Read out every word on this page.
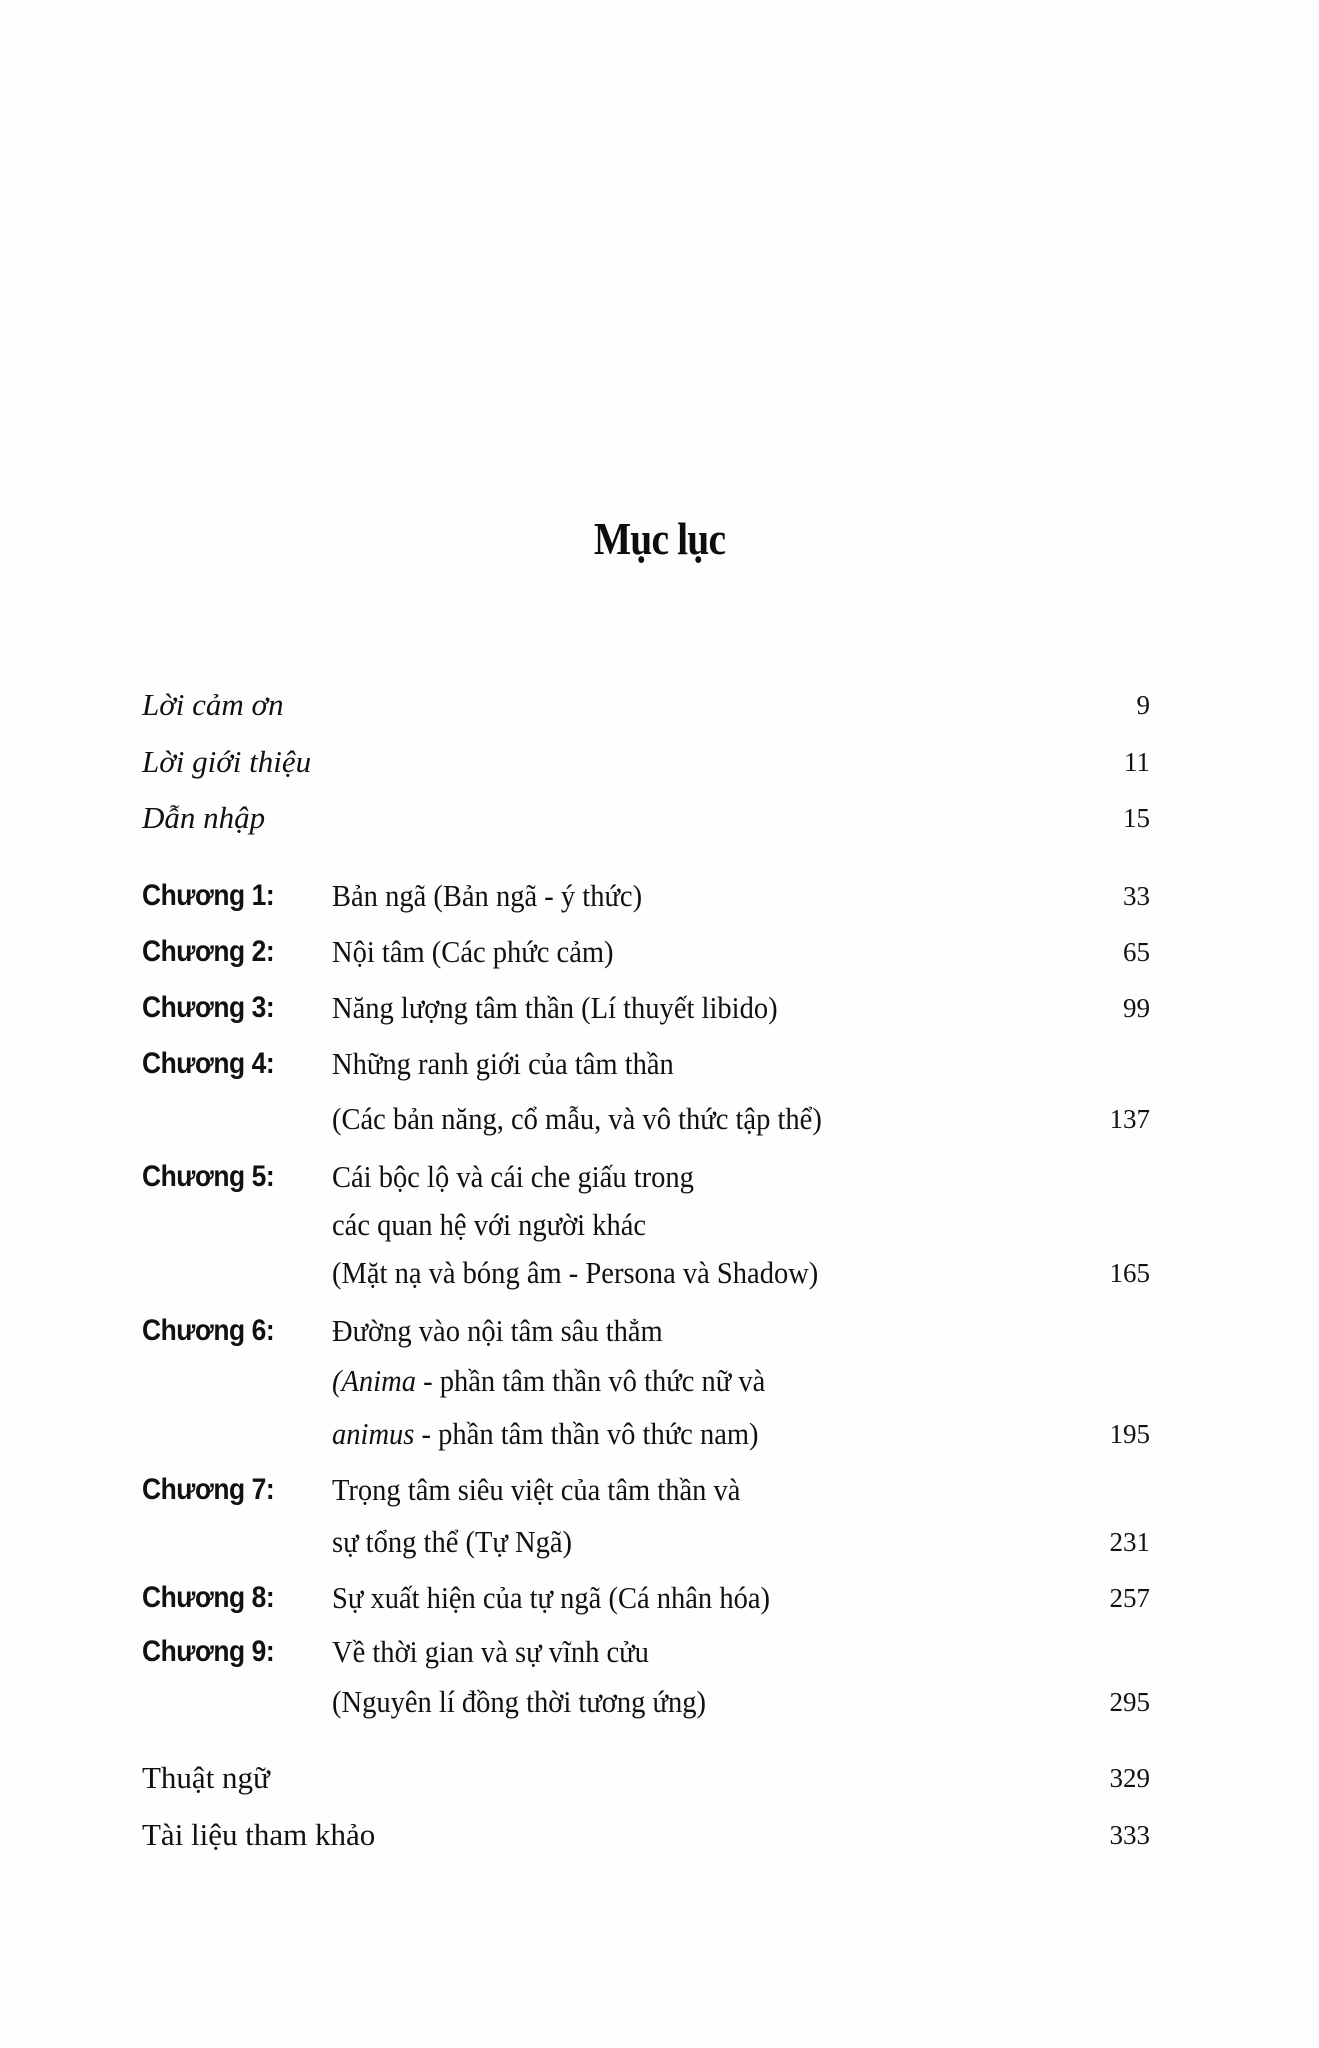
Mục lục
Lời cảm ơn	9
Lời giới thiệu	11
Dẫn nhập	15
Chương 1: Bản ngã (Bản ngã - ý thức)	33
Chương 2: Nội tâm (Các phức cảm)	65
Chương 3: Năng lượng tâm thần (Lí thuyết libido)	99
Chương 4: Những ranh giới của tâm thần
(Các bản năng, cổ mẫu, và vô thức tập thể)	137
Chương 5: Cái bộc lộ và cái che giấu trong
các quan hệ với người khác
(Mặt nạ và bóng âm - Persona và Shadow)	165
Chương 6: Đường vào nội tâm sâu thẳm
(Anima - phần tâm thần vô thức nữ và
animus - phần tâm thần vô thức nam)	195
Chương 7: Trọng tâm siêu việt của tâm thần và
sự tổng thể (Tự Ngã)	231
Chương 8: Sự xuất hiện của tự ngã (Cá nhân hóa)	257
Chương 9: Về thời gian và sự vĩnh cửu
(Nguyên lí đồng thời tương ứng)	295
Thuật ngữ	329
Tài liệu tham khảo	333
